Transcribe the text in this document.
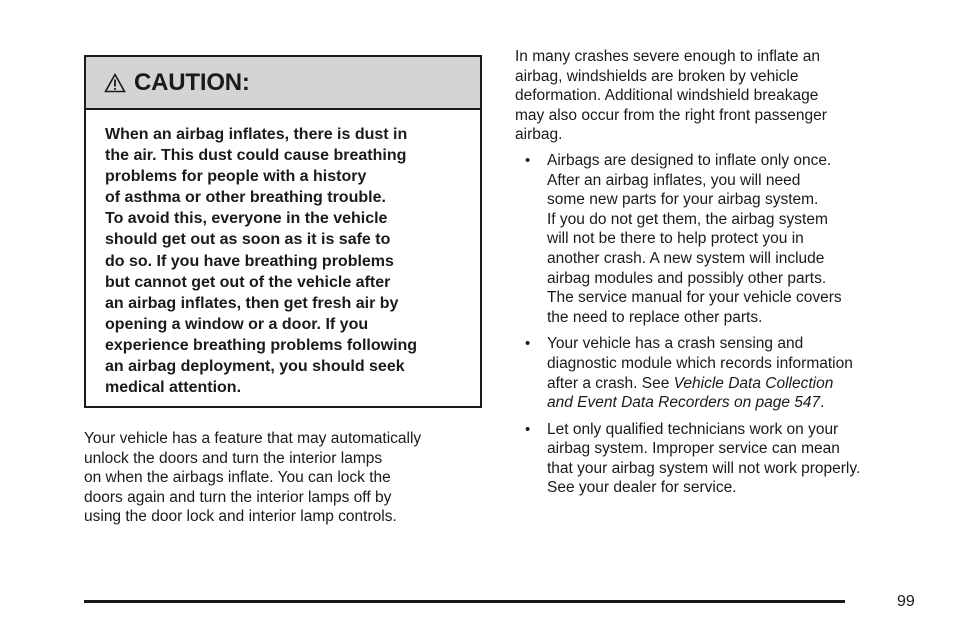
CAUTION:
When an airbag inflates, there is dust in
the air. This dust could cause breathing
problems for people with a history
of asthma or other breathing trouble.
To avoid this, everyone in the vehicle
should get out as soon as it is safe to
do so. If you have breathing problems
but cannot get out of the vehicle after
an airbag inflates, then get fresh air by
opening a window or a door. If you
experience breathing problems following
an airbag deployment, you should seek
medical attention.
Your vehicle has a feature that may automatically
unlock the doors and turn the interior lamps
on when the airbags inflate. You can lock the
doors again and turn the interior lamps off by
using the door lock and interior lamp controls.
In many crashes severe enough to inflate an
airbag, windshields are broken by vehicle
deformation. Additional windshield breakage
may also occur from the right front passenger
airbag.
• Airbags are designed to inflate only once.
After an airbag inflates, you will need
some new parts for your airbag system.
If you do not get them, the airbag system
will not be there to help protect you in
another crash. A new system will include
airbag modules and possibly other parts.
The service manual for your vehicle covers
the need to replace other parts.
• Your vehicle has a crash sensing and
diagnostic module which records information
after a crash. See Vehicle Data Collection
and Event Data Recorders on page 547.
• Let only qualified technicians work on your
airbag system. Improper service can mean
that your airbag system will not work properly.
See your dealer for service.
99
